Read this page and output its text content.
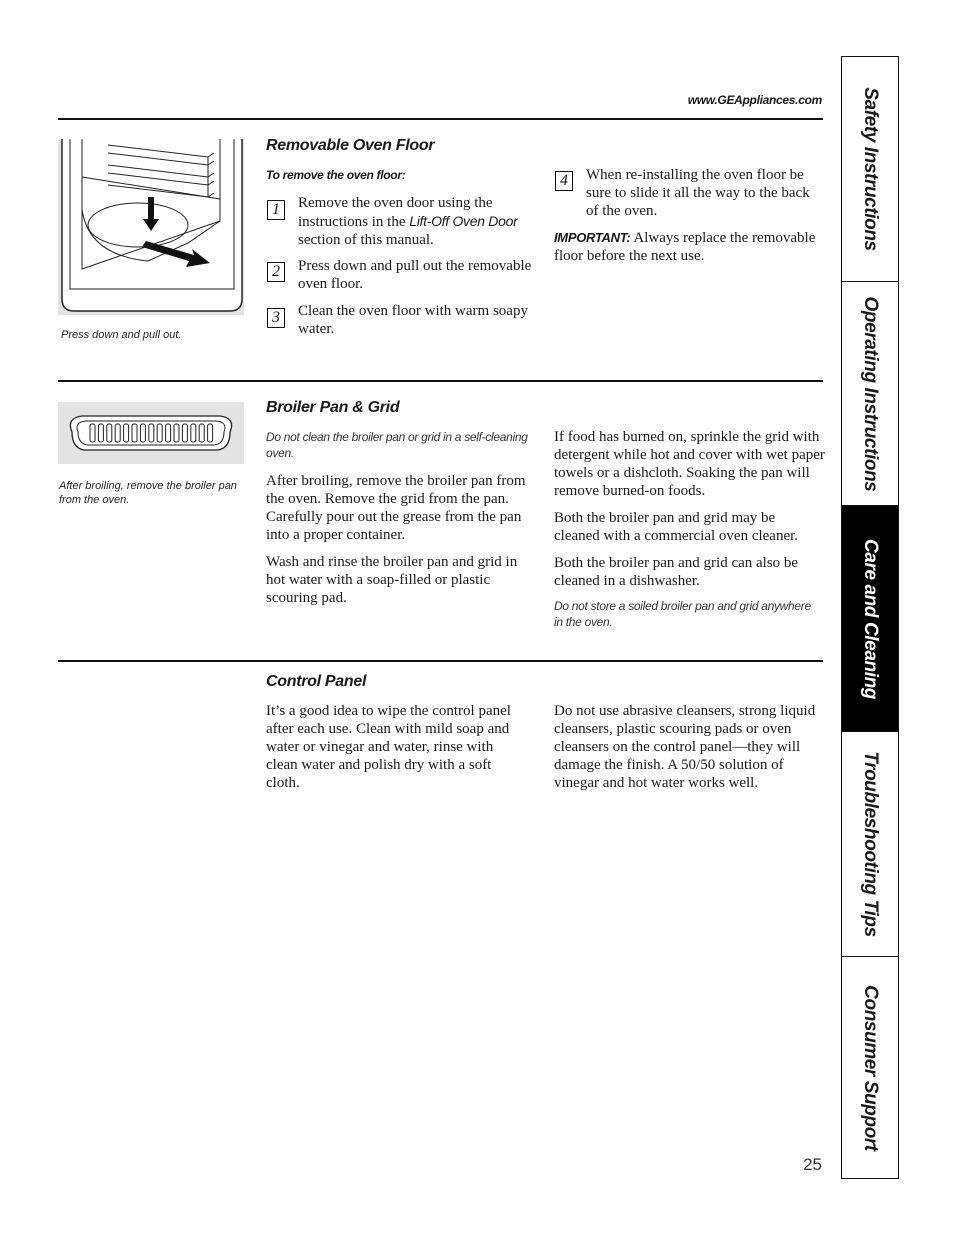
www.GEAppliances.com
Press down and pull out.
Removable Oven Floor
To remove the oven floor:
1	Remove the oven door using the instructions in the Lift-Off Oven Door section of this manual.
2	Press down and pull out the removable oven floor.
3	Clean the oven floor with warm soapy water.
4	When re-installing the oven floor be sure to slide it all the way to the back of the oven.
IMPORTANT: Always replace the removable floor before the next use.
After broiling, remove the broiler pan from the oven.
Broiler Pan & Grid
Do not clean the broiler pan or grid in a self-cleaning oven.
After broiling, remove the broiler pan from the oven. Remove the grid from the pan. Carefully pour out the grease from the pan into a proper container.
Wash and rinse the broiler pan and grid in hot water with a soap-filled or plastic scouring pad.
If food has burned on, sprinkle the grid with detergent while hot and cover with wet paper towels or a dishcloth. Soaking the pan will remove burned-on foods.
Both the broiler pan and grid may be cleaned with a commercial oven cleaner.
Both the broiler pan and grid can also be cleaned in a dishwasher.
Do not store a soiled broiler pan and grid anywhere in the oven.
Control Panel
It’s a good idea to wipe the control panel after each use. Clean with mild soap and water or vinegar and water, rinse with clean water and polish dry with a soft cloth.
Do not use abrasive cleansers, strong liquid cleansers, plastic scouring pads or oven cleansers on the control panel—they will damage the finish. A 50/50 solution of vinegar and hot water works well.
Safety Instructions
Operating Instructions
Care and Cleaning
Troubleshooting Tips
Consumer Support
25
